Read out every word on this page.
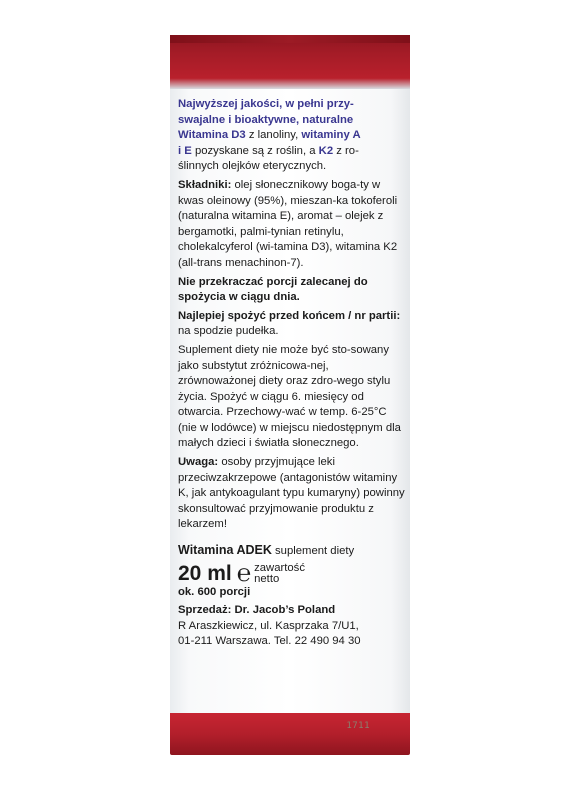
1711

Najwyższej jakości, w pełni przy-
swajalne i bioaktywne, naturalne
Witamina D3 z lanoliny, witaminy A
i E pozyskane są z roślin, a K2 z ro-
ślinnych olejków eterycznych.

Składniki: olej słonecznikowy boga-ty w kwas oleinowy (95%), mieszan-ka tokoferoli (naturalna witamina E), aromat – olejek z bergamotki, palmi-tynian retinylu, cholekalcyferol (wi-tamina D3), witamina K2 (all-trans menachinon-7).

Nie przekraczać porcji zalecanej do spożycia w ciągu dnia.

Najlepiej spożyć przed końcem / nr partii: na spodzie pudełka.

Suplement diety nie może być sto-sowany jako substytut zróżnicowa-nej, zrównoważonej diety oraz zdro-wego stylu życia. Spożyć w ciągu 6. miesięcy od otwarcia. Przechowy-wać w temp. 6-25°C (nie w lodówce) w miejscu niedostępnym dla małych dzieci i światła słonecznego.

Uwaga: osoby przyjmujące leki przeciwzakrzepowe (antagonistów witaminy K, jak antykoagulant typu kumaryny) powinny skonsultować przyjmowanie produktu z lekarzem!

Witamina ADEK suplement diety

20 ml ℮ zawartość
netto

ok. 600 porcji

Sprzedaż: Dr. Jacob’s Poland
R Araszkiewicz, ul. Kasprzaka 7/U1,
01-211 Warszawa. Tel. 22 490 94 30
